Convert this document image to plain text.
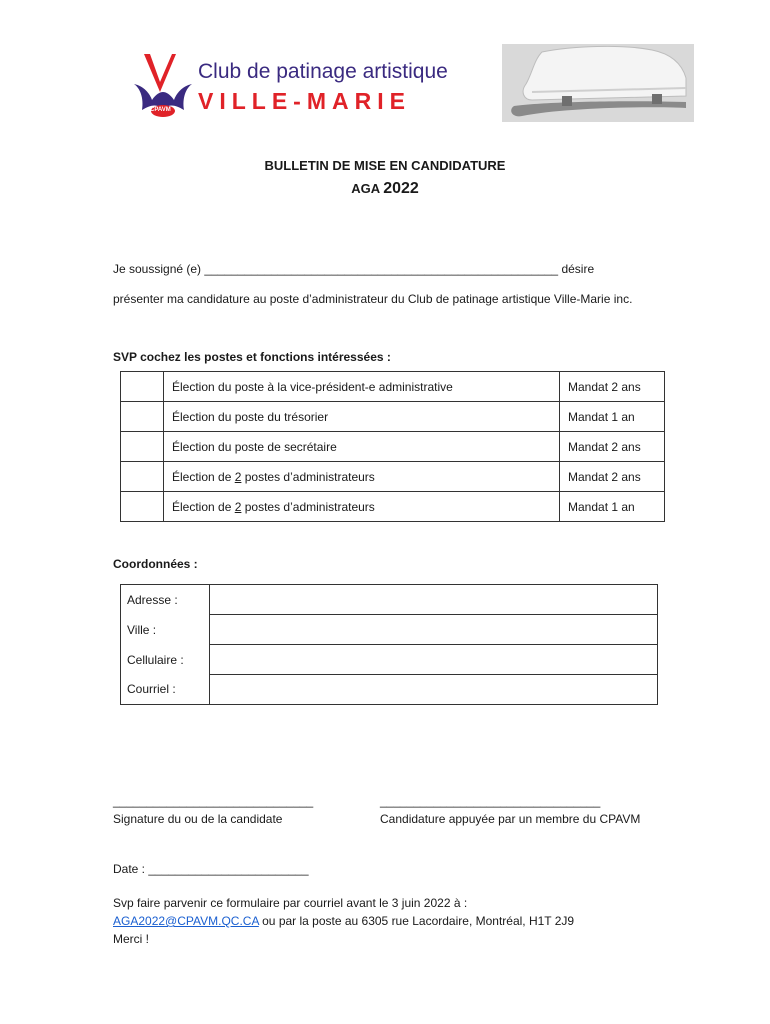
CPAVM
Club de patinage artistique
VILLE-MARIE
BULLETIN DE MISE EN CANDIDATURE
AGA 2022
Je soussigné (e) _____________________________________________________ désire
présenter ma candidature au poste d’administrateur du Club de patinage artistique Ville-Marie inc.
SVP cochez les postes et fonctions intéressées :
	Élection du poste à la vice-président-e administrative	Mandat 2 ans
	Élection du poste du trésorier	Mandat 1 an
	Élection du poste de secrétaire	Mandat 2 ans
	Élection de 2 postes d’administrateurs	Mandat 2 ans
	Élection de 2 postes d’administrateurs	Mandat 1 an
Coordonnées :
Adresse :	
Ville :	
Cellulaire :	
Courriel :	
______________________________	_________________________________
Signature du ou de la candidate	Candidature appuyée par un membre du CPAVM
Date : ________________________
Svp faire parvenir ce formulaire par courriel avant le 3 juin 2022 à :
AGA2022@CPAVM.QC.CA ou par la poste au 6305 rue Lacordaire, Montréal, H1T 2J9
Merci !
